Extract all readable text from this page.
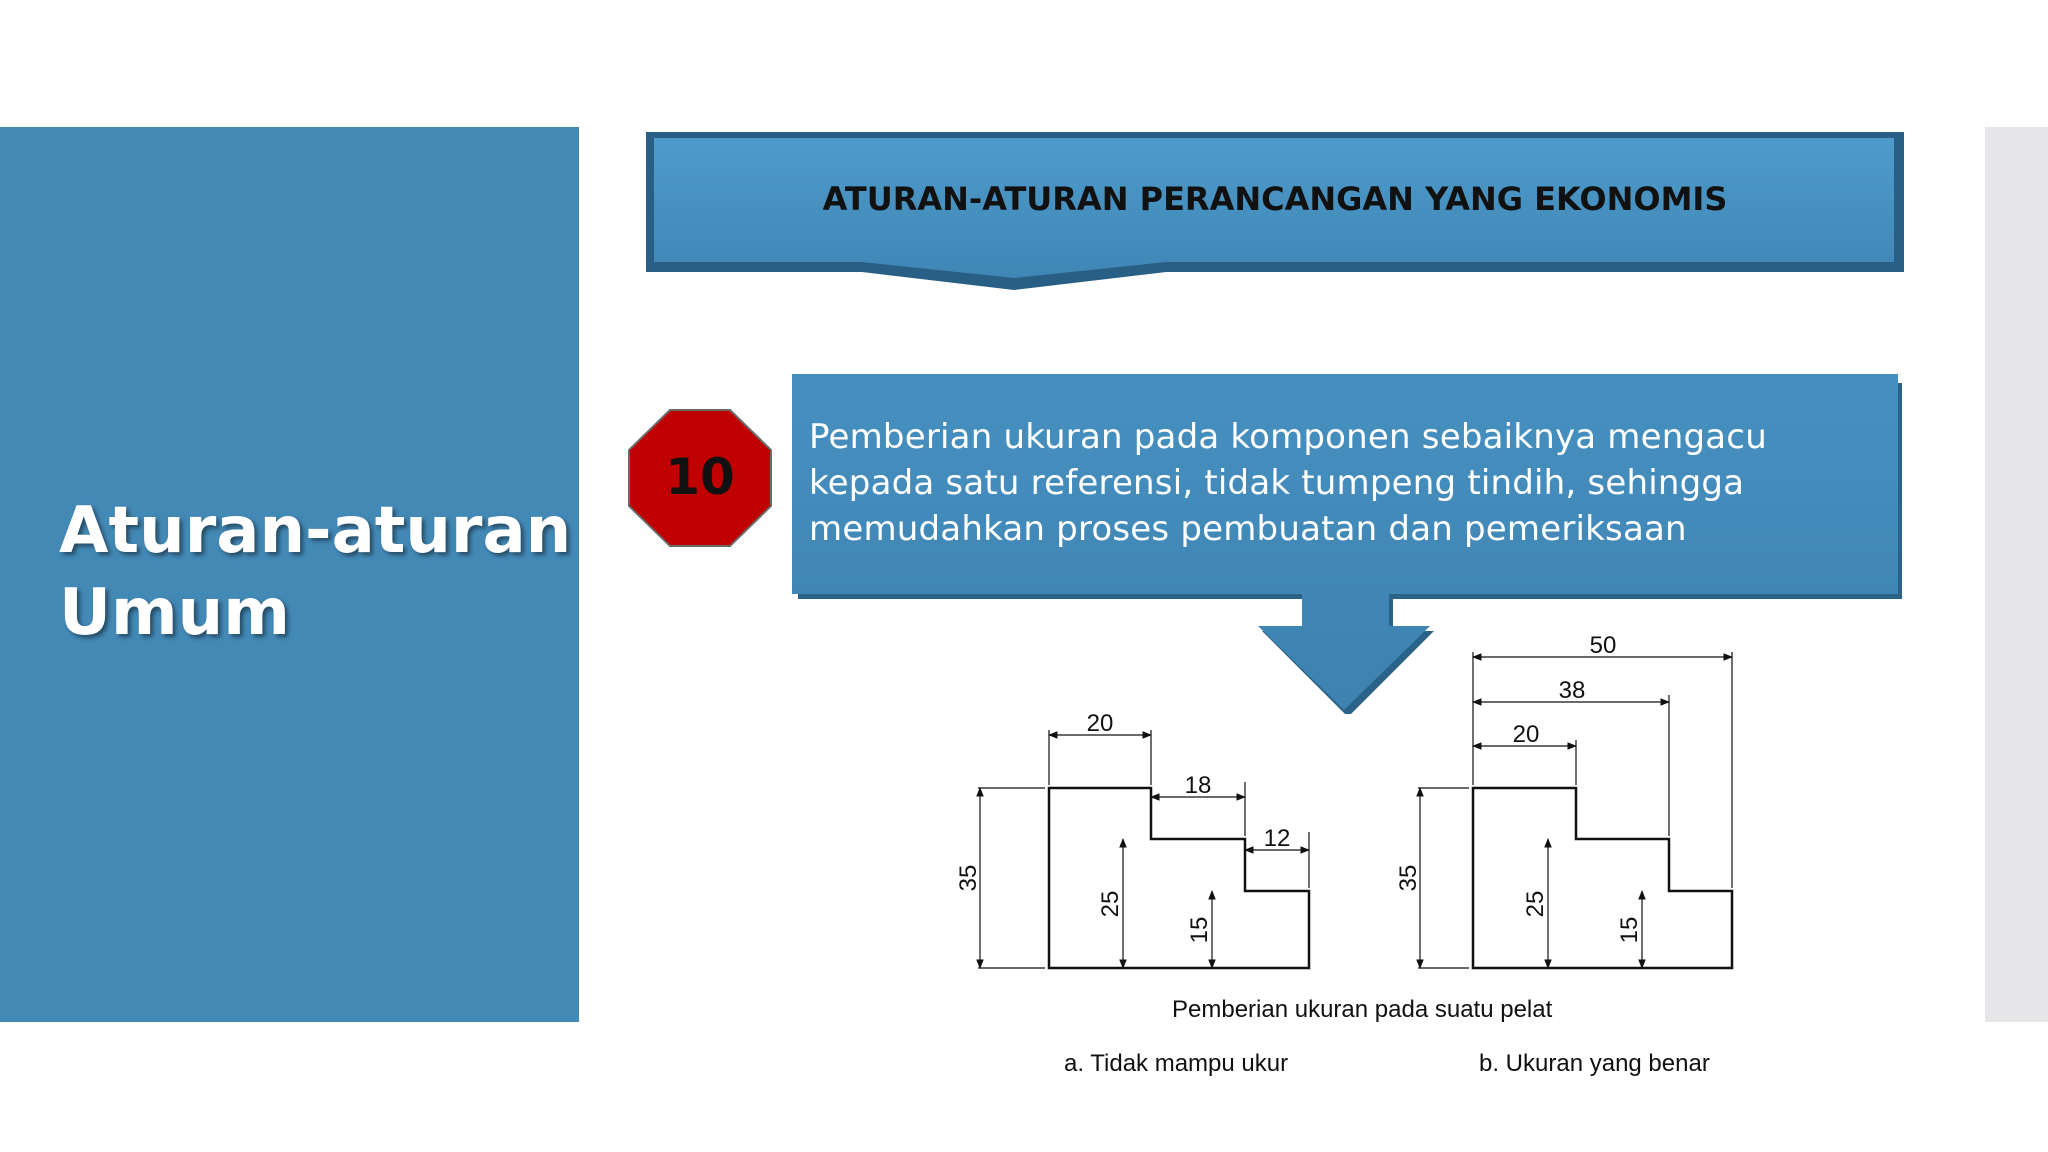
Aturan-aturan
Umum
ATURAN-ATURAN PERANCANGAN YANG EKONOMIS
10
Pemberian ukuran pada komponen sebaiknya mengacu kepada satu referensi, tidak tumpeng tindih, sehingga memudahkan proses pembuatan dan pemeriksaan
20
18
12
35
25
15
50
38
20
35
25
15
Pemberian ukuran pada suatu pelat
a. Tidak mampu ukur	b. Ukuran yang benar
